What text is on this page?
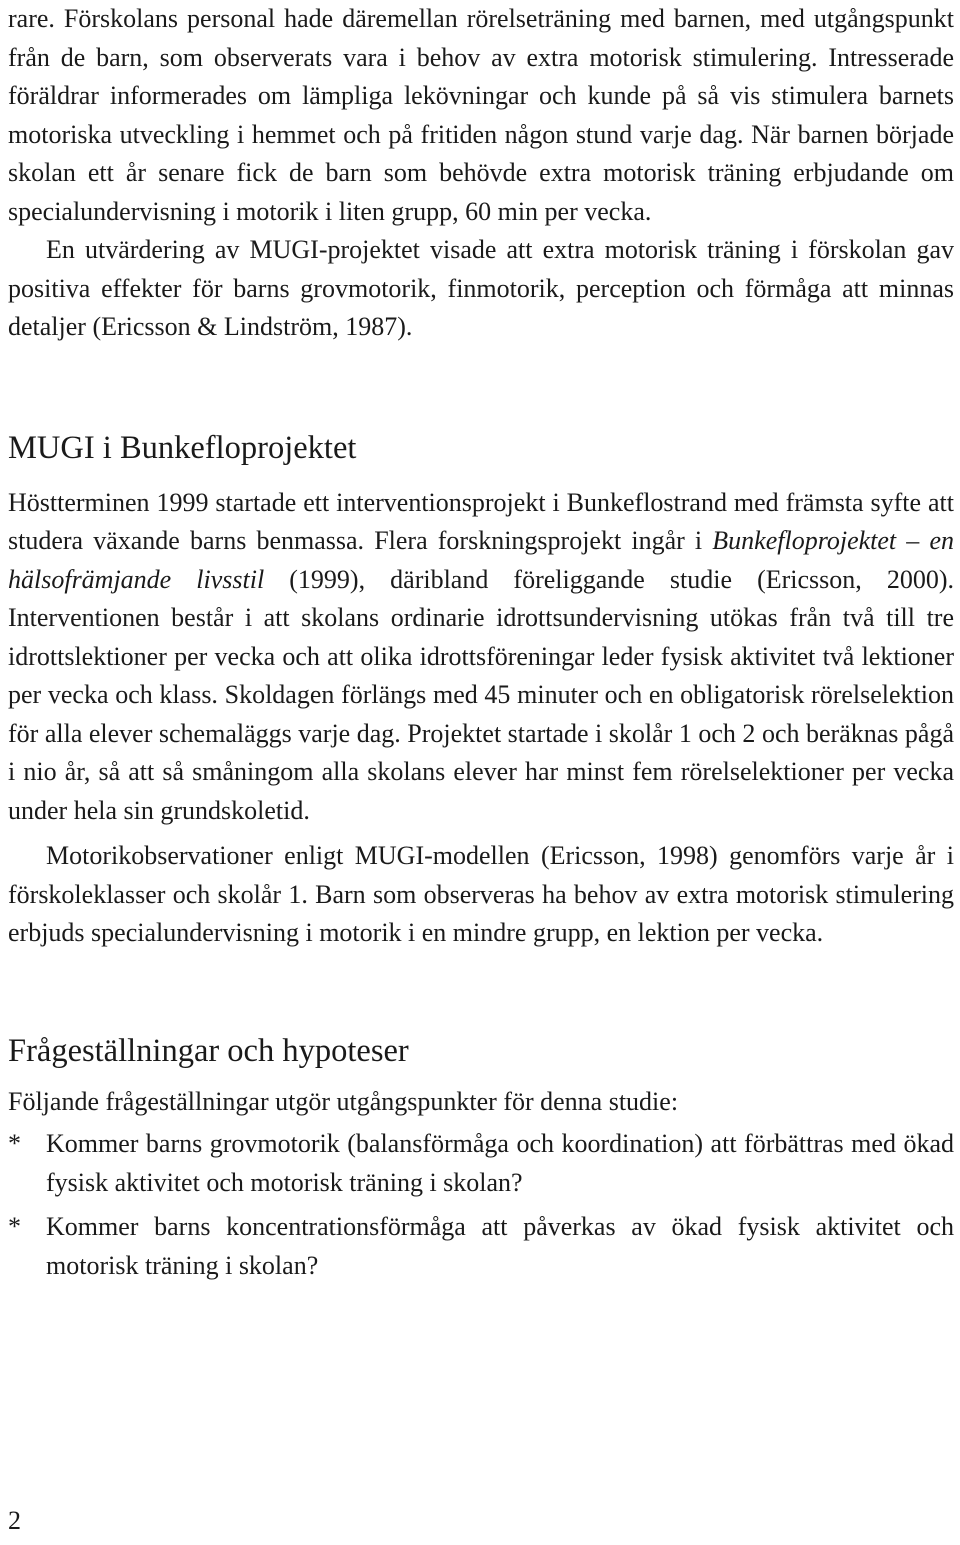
rare. Förskolans personal hade däremellan rörelseträning med barnen, med utgångspunkt från de barn, som observerats vara i behov av extra motorisk stimulering. Intresserade föräldrar informerades om lämpliga lekövningar och kunde på så vis stimulera barnets motoriska utveckling i hemmet och på fritiden någon stund varje dag. När barnen började skolan ett år senare fick de barn som behövde extra motorisk träning erbjudande om specialundervisning i motorik i liten grupp, 60 min per vecka.

En utvärdering av MUGI-projektet visade att extra motorisk träning i förskolan gav positiva effekter för barns grovmotorik, finmotorik, perception och förmåga att minnas detaljer (Ericsson & Lindström, 1987).

MUGI i Bunkefloprojektet

Höstterminen 1999 startade ett interventionsprojekt i Bunkeflostrand med främsta syfte att studera växande barns benmassa. Flera forskningsprojekt ingår i Bunkefloprojektet – en hälsofrämjande livsstil (1999), däribland föreliggande studie (Ericsson, 2000). Interventionen består i att skolans ordinarie idrottsundervisning utökas från två till tre idrottslektioner per vecka och att olika idrottsföreningar leder fysisk aktivitet två lektioner per vecka och klass. Skoldagen förlängs med 45 minuter och en obligatorisk rörelselektion för alla elever schemaläggs varje dag. Projektet startade i skolår 1 och 2 och beräknas pågå i nio år, så att så småningom alla skolans elever har minst fem rörelselektioner per vecka under hela sin grundskoletid.

Motorikobservationer enligt MUGI-modellen (Ericsson, 1998) genomförs varje år i förskoleklasser och skolår 1. Barn som observeras ha behov av extra motorisk stimulering erbjuds specialundervisning i motorik i en mindre grupp, en lektion per vecka.

Frågeställningar och hypoteser

Följande frågeställningar utgör utgångspunkter för denna studie:

* Kommer barns grovmotorik (balansförmåga och koordination) att förbättras med ökad fysisk aktivitet och motorisk träning i skolan?
* Kommer barns koncentrationsförmåga att påverkas av ökad fysisk aktivitet och motorisk träning i skolan?
2
